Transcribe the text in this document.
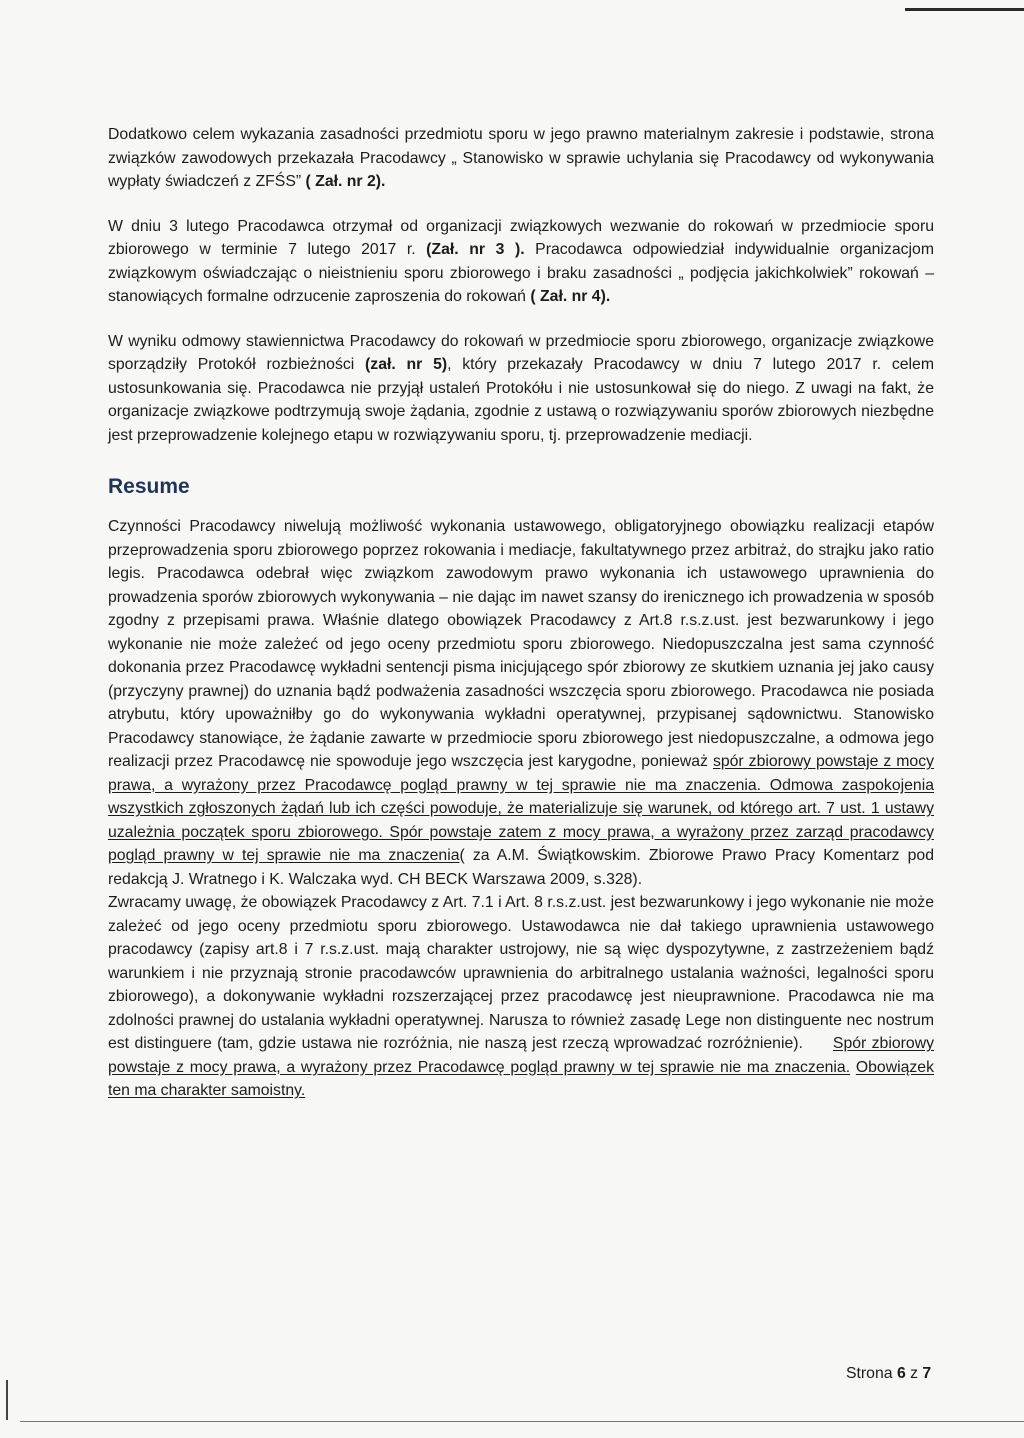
Dodatkowo celem wykazania zasadności przedmiotu sporu w jego prawno materialnym zakresie i podstawie, strona związków zawodowych przekazała Pracodawcy „ Stanowisko w sprawie uchylania się Pracodawcy od wykonywania wypłaty świadczeń z ZFŚS” ( Zał. nr 2).

W dniu 3 lutego Pracodawca otrzymał od organizacji związkowych wezwanie do rokowań w przedmiocie sporu zbiorowego w terminie 7 lutego 2017 r. (Zał. nr 3 ). Pracodawca odpowiedział indywidualnie organizacjom związkowym oświadczając o nieistnieniu sporu zbiorowego i braku zasadności „ podjęcia jakichkolwiek” rokowań – stanowiących formalne odrzucenie zaproszenia do rokowań ( Zał. nr 4).

W wyniku odmowy stawiennictwa Pracodawcy do rokowań w przedmiocie sporu zbiorowego, organizacje związkowe sporządziły Protokół rozbieżności (zał. nr 5), który przekazały Pracodawcy w dniu 7 lutego 2017 r. celem ustosunkowania się. Pracodawca nie przyjął ustaleń Protokółu i nie ustosunkował się do niego. Z uwagi na fakt, że organizacje związkowe podtrzymują swoje żądania, zgodnie z ustawą o rozwiązywaniu sporów zbiorowych niezbędne jest przeprowadzenie kolejnego etapu w rozwiązywaniu sporu, tj. przeprowadzenie mediacji.

Resume

Czynności Pracodawcy niwelują możliwość wykonania ustawowego, obligatoryjnego obowiązku realizacji etapów przeprowadzenia sporu zbiorowego poprzez rokowania i mediacje, fakultatywnego przez arbitraż, do strajku jako ratio legis. Pracodawca odebrał więc związkom zawodowym prawo wykonania ich ustawowego uprawnienia do prowadzenia sporów zbiorowych wykonywania – nie dając im nawet szansy do irenicznego ich prowadzenia w sposób zgodny z przepisami prawa. Właśnie dlatego obowiązek Pracodawcy z Art.8 r.s.z.ust. jest bezwarunkowy i jego wykonanie nie może zależeć od jego oceny przedmiotu sporu zbiorowego. Niedopuszczalna jest sama czynność dokonania przez Pracodawcę wykładni sentencji pisma inicjującego spór zbiorowy ze skutkiem uznania jej jako causy (przyczyny prawnej) do uznania bądź podważenia zasadności wszczęcia sporu zbiorowego. Pracodawca nie posiada atrybutu, który upoważniłby go do wykonywania wykładni operatywnej, przypisanej sądownictwu. Stanowisko Pracodawcy stanowiące, że żądanie zawarte w przedmiocie sporu zbiorowego jest niedopuszczalne, a odmowa jego realizacji przez Pracodawcę nie spowoduje jego wszczęcia jest karygodne, ponieważ spór zbiorowy powstaje z mocy prawa, a wyrażony przez Pracodawcę pogląd prawny w tej sprawie nie ma znaczenia. Odmowa zaspokojenia wszystkich zgłoszonych żądań lub ich części powoduje, że materializuje się warunek, od którego art. 7 ust. 1 ustawy uzależnia początek sporu zbiorowego. Spór powstaje zatem z mocy prawa, a wyrażony przez zarząd pracodawcy pogląd prawny w tej sprawie nie ma znaczenia( za A.M. Świątkowskim. Zbiorowe Prawo Pracy Komentarz pod redakcją J. Wratnego i K. Walczaka wyd. CH BECK Warszawa 2009, s.328).

Zwracamy uwagę, że obowiązek Pracodawcy z Art. 7.1 i Art. 8 r.s.z.ust. jest bezwarunkowy i jego wykonanie nie może zależeć od jego oceny przedmiotu sporu zbiorowego. Ustawodawca nie dał takiego uprawnienia ustawowego pracodawcy (zapisy art.8 i 7 r.s.z.ust. mają charakter ustrojowy, nie są więc dyspozytywne, z zastrzeżeniem bądź warunkiem i nie przyznają stronie pracodawców uprawnienia do arbitralnego ustalania ważności, legalności sporu zbiorowego), a dokonywanie wykładni rozszerzającej przez pracodawcę jest nieuprawnione. Pracodawca nie ma zdolności prawnej do ustalania wykładni operatywnej. Narusza to również zasadę Lege non distinguente nec nostrum est distinguere (tam, gdzie ustawa nie rozróżnia, nie naszą jest rzeczą wprowadzać rozróżnienie). Spór zbiorowy powstaje z mocy prawa, a wyrażony przez Pracodawcę pogląd prawny w tej sprawie nie ma znaczenia. Obowiązek ten ma charakter samoistny.

Strona 6 z 7
